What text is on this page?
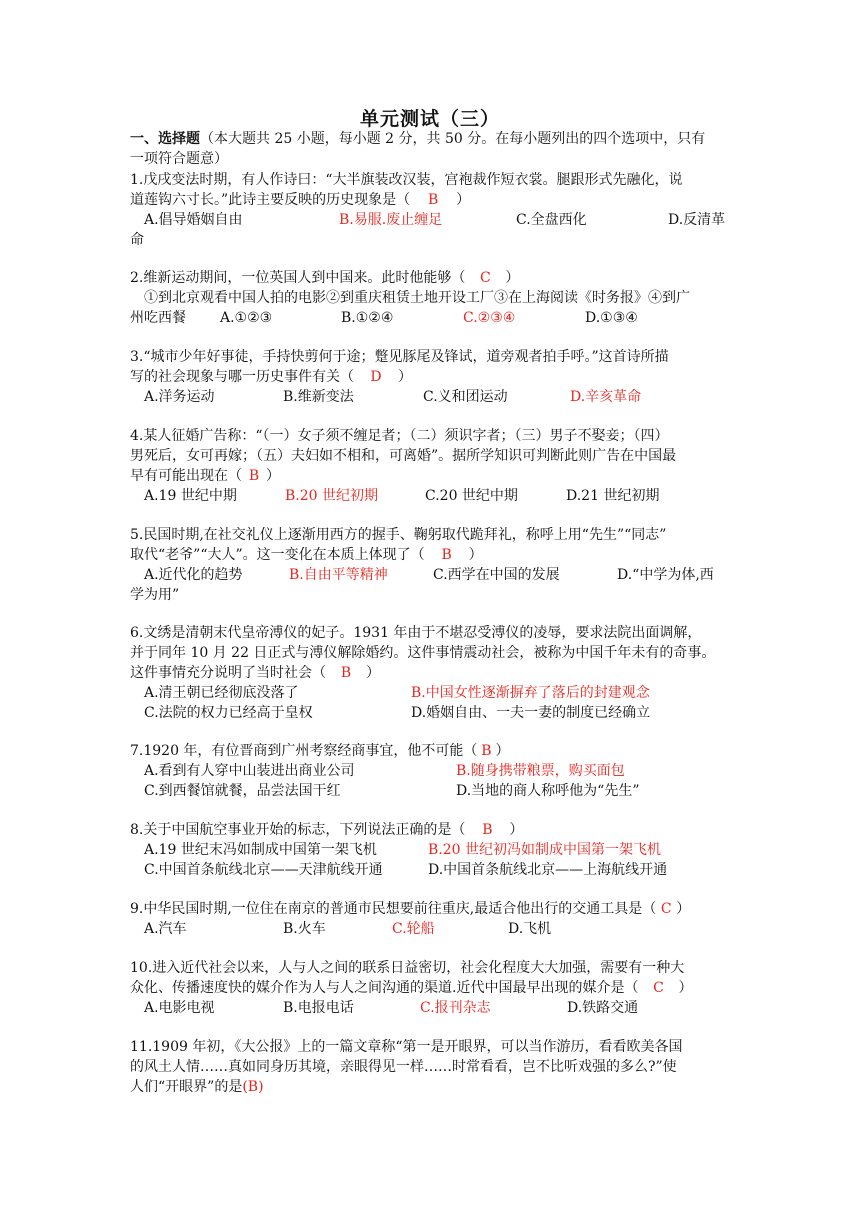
单元测试（三）
一、选择题（本大题共 25 小题，每小题 2 分，共 50 分。在每小题列出的四个选项中，只有
一项符合题意）
1.戊戌变法时期，有人作诗曰：“大半旗装改汉装，宫袍裁作短衣裳。腿跟形式先融化，说
道莲钩六寸长。”此诗主要反映的历史现象是（ B ）
A.倡导婚姻自由	B.易服.废止缠足	C.全盘西化	D.反清革
命
2.维新运动期间，一位英国人到中国来。此时他能够（ C ）
①到北京观看中国人拍的电影②到重庆租赁土地开设工厂③在上海阅读《时务报》④到广
州吃西餐 A.①②③	B.①②④	C.②③④	D.①③④
3.“城市少年好事徒，手持快剪何于途；蹩见豚尾及锋试，道旁观者拍手呼。”这首诗所描
写的社会现象与哪一历史事件有关（ D ）
A.洋务运动	B.维新变法	C.义和团运动	D.辛亥革命
4.某人征婚广告称：“（一）女子须不缠足者；（二）须识字者；（三）男子不娶妾；（四）
男死后，女可再嫁；（五）夫妇如不相和，可离婚”。据所学知识可判断此则广告在中国最
早有可能出现在（ B ）
A.19 世纪中期	B.20 世纪初期	C.20 世纪中期	D.21 世纪初期
5.民国时期,在社交礼仪上逐渐用西方的握手、鞠躬取代跪拜礼，称呼上用“先生”“同志”
取代“老爷”“大人”。这一变化在本质上体现了（ B ）
A.近代化的趋势	B.自由平等精神	C.西学在中国的发展	D.“中学为体,西
学为用”
6.文绣是清朝末代皇帝溥仪的妃子。1931 年由于不堪忍受溥仪的凌辱，要求法院出面调解，
并于同年 10 月 22 日正式与溥仪解除婚约。这件事情震动社会，被称为中国千年未有的奇事。
这件事情充分说明了当时社会（ B ）
A.清王朝已经彻底没落了	B.中国女性逐渐摒弃了落后的封建观念
C.法院的权力已经高于皇权	D.婚姻自由、一夫一妻的制度已经确立
7.1920 年，有位晋商到广州考察经商事宜，他不可能（ B ）
A.看到有人穿中山装进出商业公司	B.随身携带粮票，购买面包
C.到西餐馆就餐，品尝法国干红	D.当地的商人称呼他为“先生”
8.关于中国航空事业开始的标志，下列说法正确的是（ B ）
A.19 世纪末冯如制成中国第一架飞机	B.20 世纪初冯如制成中国第一架飞机
C.中国首条航线北京——天津航线开通	D.中国首条航线北京——上海航线开通
9.中华民国时期,一位住在南京的普通市民想要前往重庆,最适合他出行的交通工具是（ C ）
A.汽车	B.火车	C.轮船	D.飞机
10.进入近代社会以来，人与人之间的联系日益密切，社会化程度大大加强，需要有一种大
众化、传播速度快的媒介作为人与人之间沟通的渠道.近代中国最早出现的媒介是（ C ）
A.电影电视	B.电报电话	C.报刊杂志	D.铁路交通
11.1909 年初，《大公报》上的一篇文章称“第一是开眼界，可以当作游历，看看欧美各国
的风土人情……真如同身历其境，亲眼得见一样……时常看看，岂不比听戏强的多么?”使
人们“开眼界”的是(B)
